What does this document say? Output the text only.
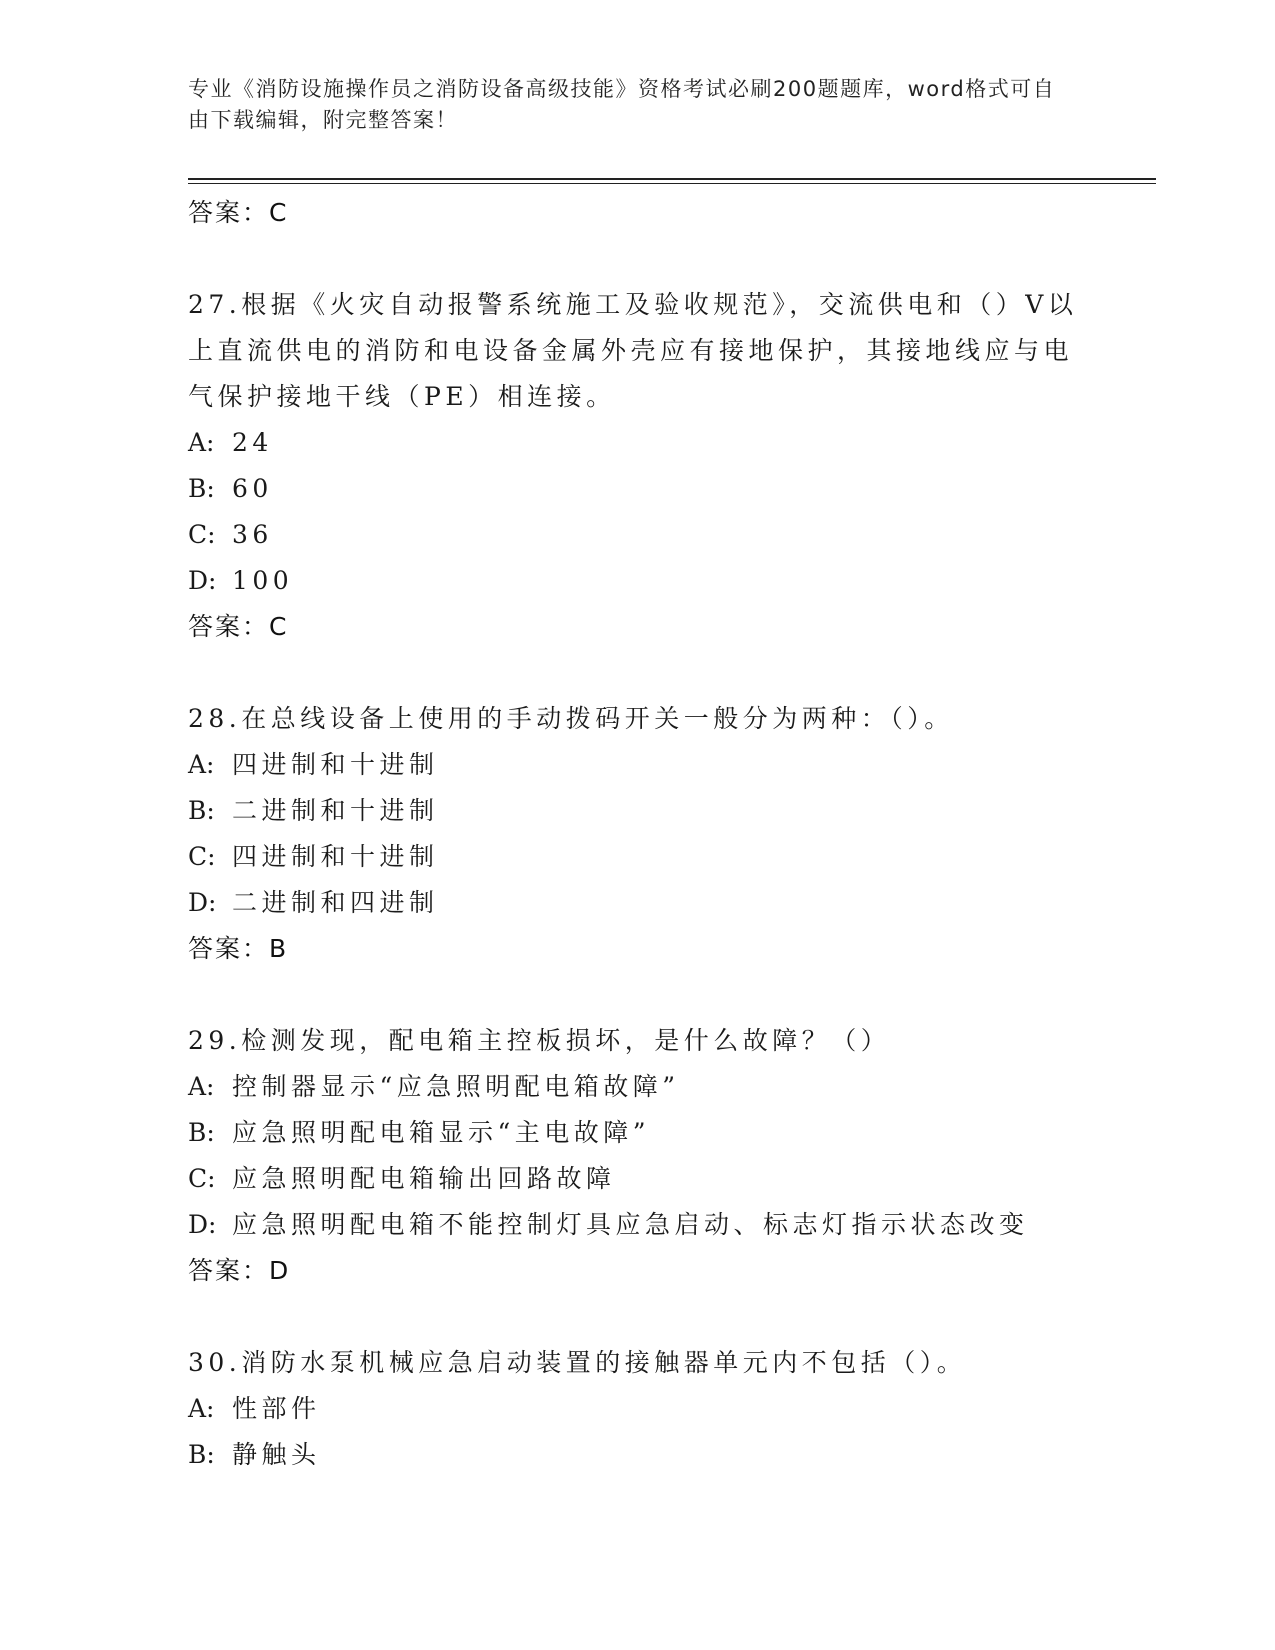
专业《消防设施操作员之消防设备高级技能》资格考试必刷200题题库，word格式可自由下载编辑，附完整答案！
答案：C
27.根据《火灾自动报警系统施工及验收规范》，交流供电和（）V以上直流供电的消防和电设备金属外壳应有接地保护，其接地线应与电气保护接地干线（PE）相连接。
A: 24
B: 60
C: 36
D: 100
答案：C
28.在总线设备上使用的手动拨码开关一般分为两种：（）。
A: 四进制和十进制
B: 二进制和十进制
C: 四进制和十进制
D: 二进制和四进制
答案：B
29.检测发现，配电箱主控板损坏，是什么故障？（）
A: 控制器显示“应急照明配电箱故障”
B: 应急照明配电箱显示“主电故障”
C: 应急照明配电箱输出回路故障
D: 应急照明配电箱不能控制灯具应急启动、标志灯指示状态改变
答案：D
30.消防水泵机械应急启动装置的接触器单元内不包括（）。
A: 性部件
B: 静触头
